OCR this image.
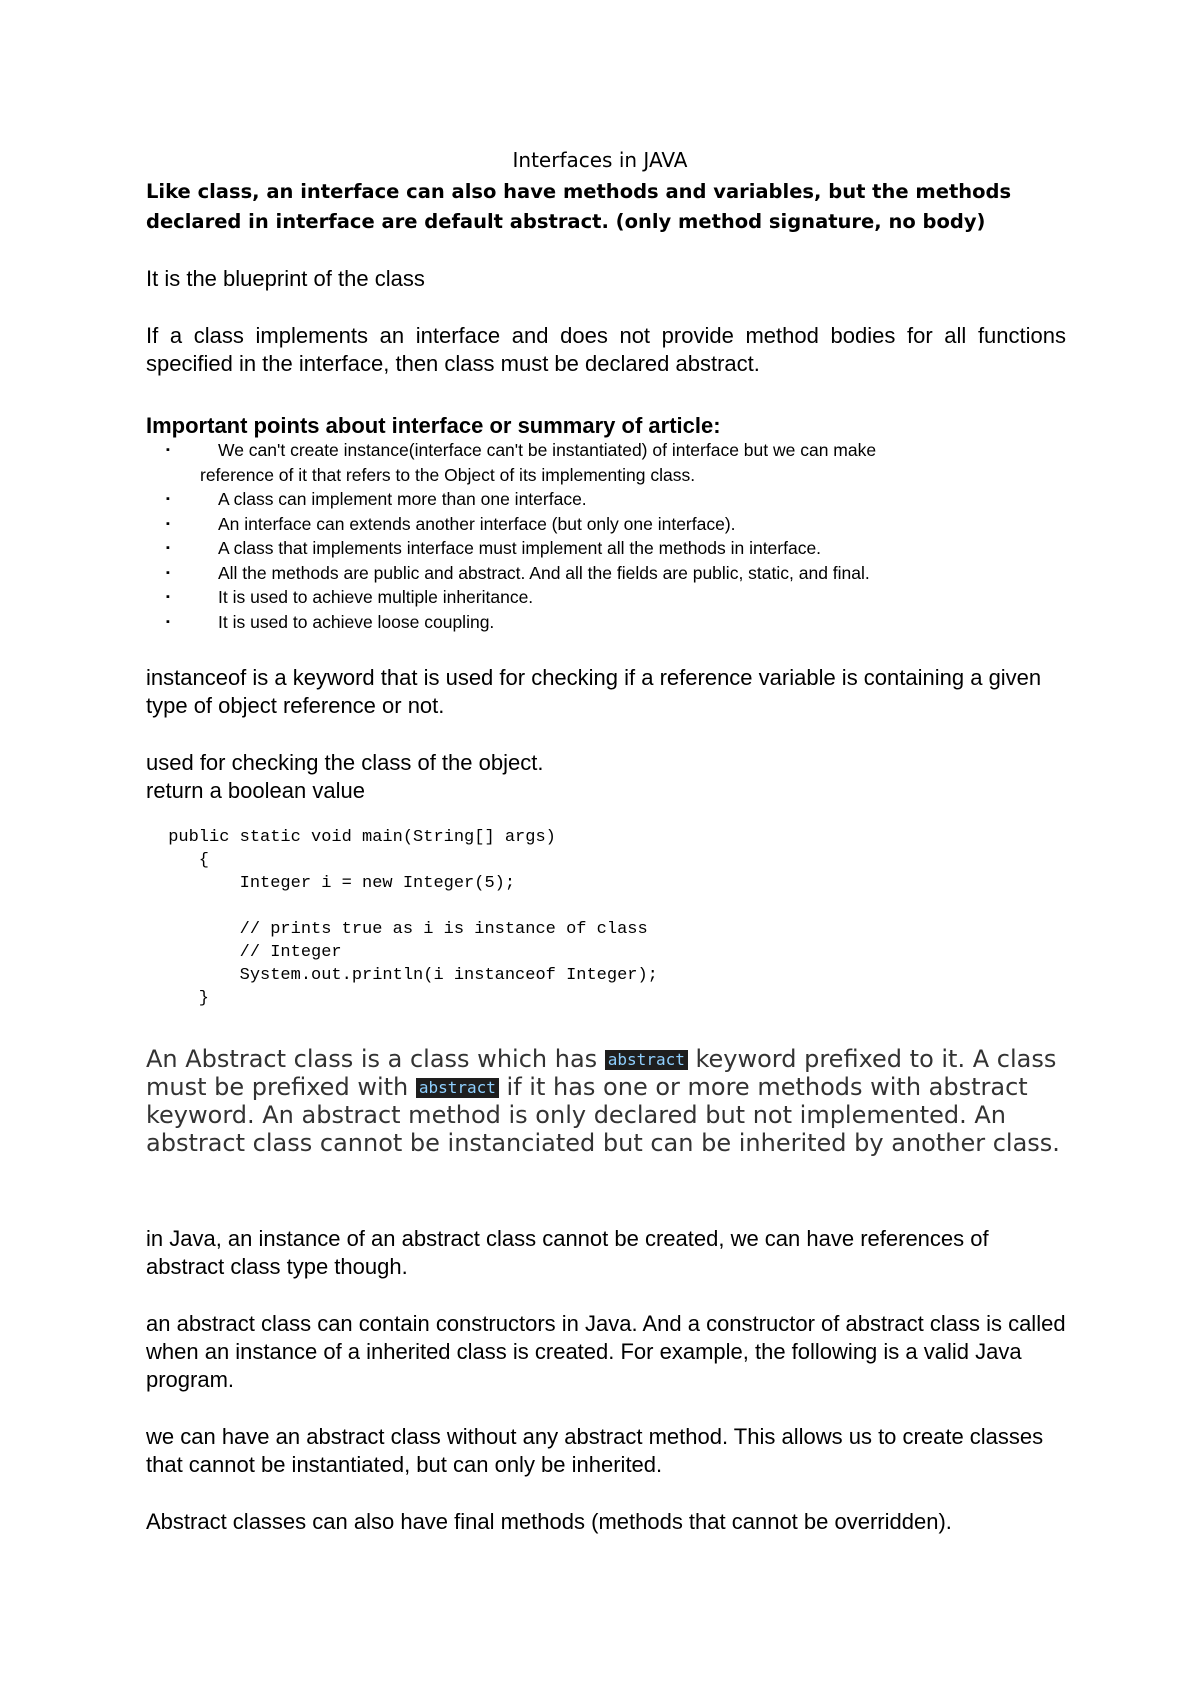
Interfaces in JAVA

Like class, an interface can also have methods and variables, but the methods declared in interface are default abstract. (only method signature, no body)

It is the blueprint of the class

If a class implements an interface and does not provide method bodies for all functions specified in the interface, then class must be declared abstract.

Important points about interface or summary of article:

▪	We can't create instance(interface can't be instantiated) of interface but we can make
reference of it that refers to the Object of its implementing class.
▪	A class can implement more than one interface.
▪	An interface can extends another interface (but only one interface).
▪	A class that implements interface must implement all the methods in interface.
▪	All the methods are public and abstract. And all the fields are public, static, and final.
▪	It is used to achieve multiple inheritance.
▪	It is used to achieve loose coupling.

instanceof is a keyword that is used for checking if a reference variable is containing a given type of object reference or not.

used for checking the class of the object.

return a boolean value

public static void main(String[] args)
{
Integer i = new Integer(5);

// prints true as i is instance of class
// Integer
System.out.println(i instanceof Integer);
}

An Abstract class is a class which has abstract keyword prefixed to it. A class must be prefixed with abstract if it has one or more methods with abstract keyword. An abstract method is only declared but not implemented. An abstract class cannot be instanciated but can be inherited by another class.

in Java, an instance of an abstract class cannot be created, we can have references of abstract class type though.

an abstract class can contain constructors in Java. And a constructor of abstract class is called when an instance of a inherited class is created. For example, the following is a valid Java program.

we can have an abstract class without any abstract method. This allows us to create classes that cannot be instantiated, but can only be inherited.

Abstract classes can also have final methods (methods that cannot be overridden).
